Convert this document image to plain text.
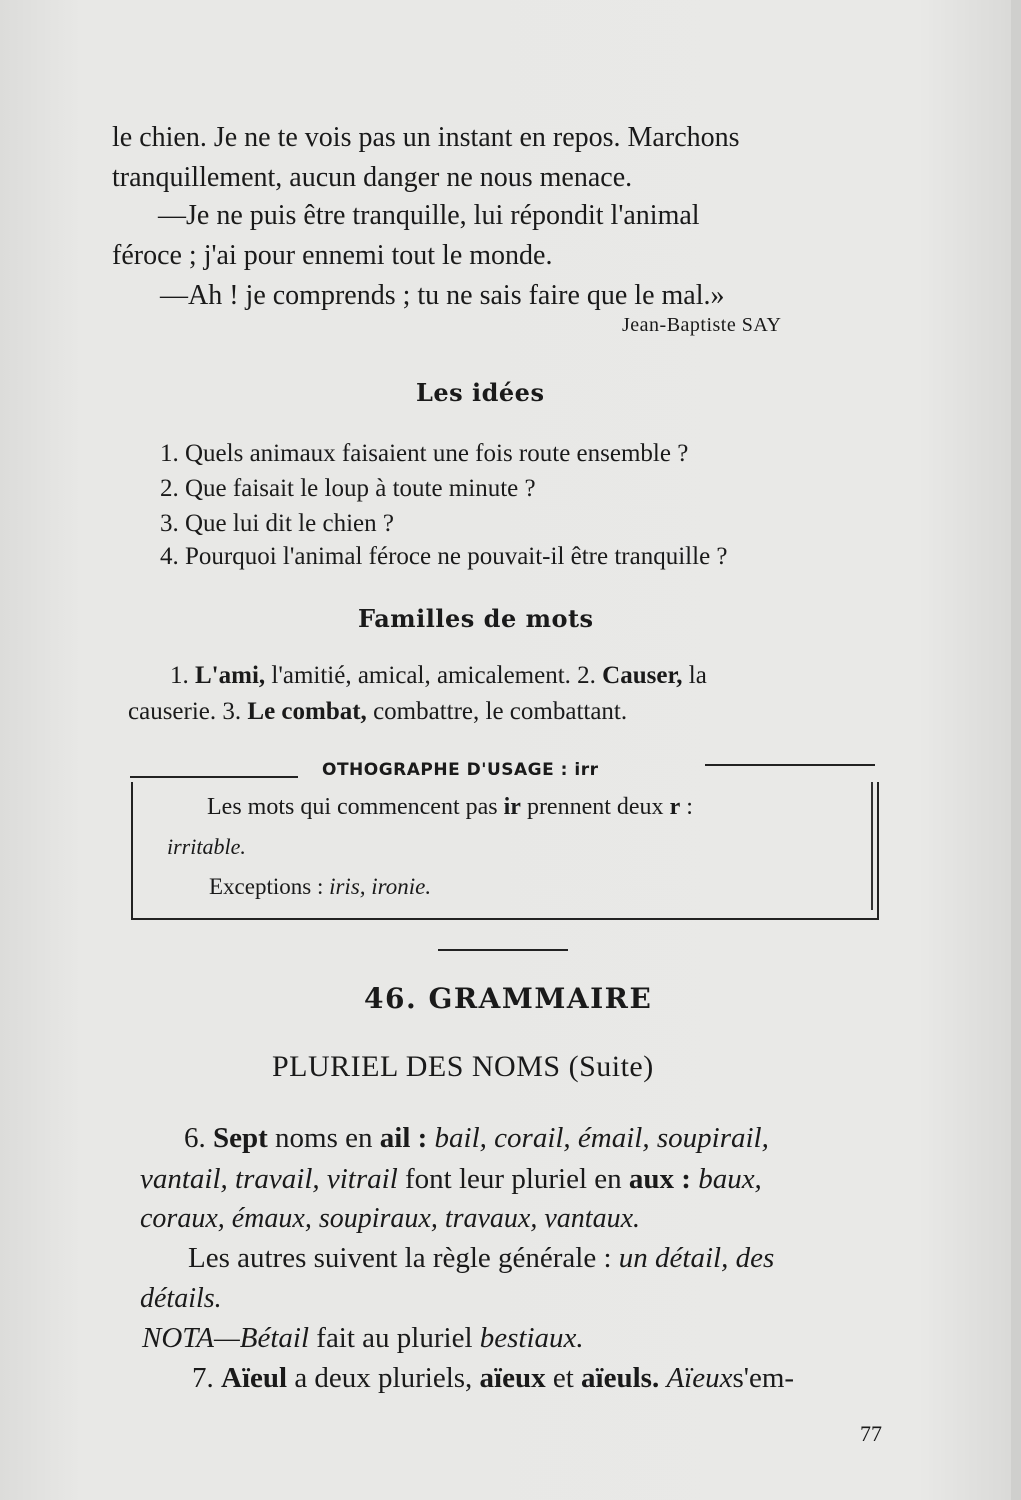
le chien. Je ne te vois pas un instant en repos. Marchons
tranquillement, aucun danger ne nous menace.
—Je ne puis être tranquille, lui répondit l'animal
féroce ; j'ai pour ennemi tout le monde.
—Ah ! je comprends ; tu ne sais faire que le mal.»
Jean-Baptiste SAY
Les idées
1. Quels animaux faisaient une fois route ensemble ?
2. Que faisait le loup à toute minute ?
3. Que lui dit le chien ?
4. Pourquoi l'animal féroce ne pouvait-il être tranquille ?
Familles de mots
1. L'ami, l'amitié, amical, amicalement. 2. Causer, la
causerie. 3. Le combat, combattre, le combattant.
OTHOGRAPHE D'USAGE : irr
Les mots qui commencent pas ir prennent deux r :
irritable.
Exceptions : iris, ironie.
46. GRAMMAIRE
PLURIEL DES NOMS (Suite)
6. Sept noms en ail : bail, corail, émail, soupirail,
vantail, travail, vitrail font leur pluriel en aux : baux,
coraux, émaux, soupiraux, travaux, vantaux.
Les autres suivent la règle générale : un détail, des
détails.
NOTA—Bétail fait au pluriel bestiaux.
7. Aïeul a deux pluriels, aïeux et aïeuls. Aïeuxs'em-
77
